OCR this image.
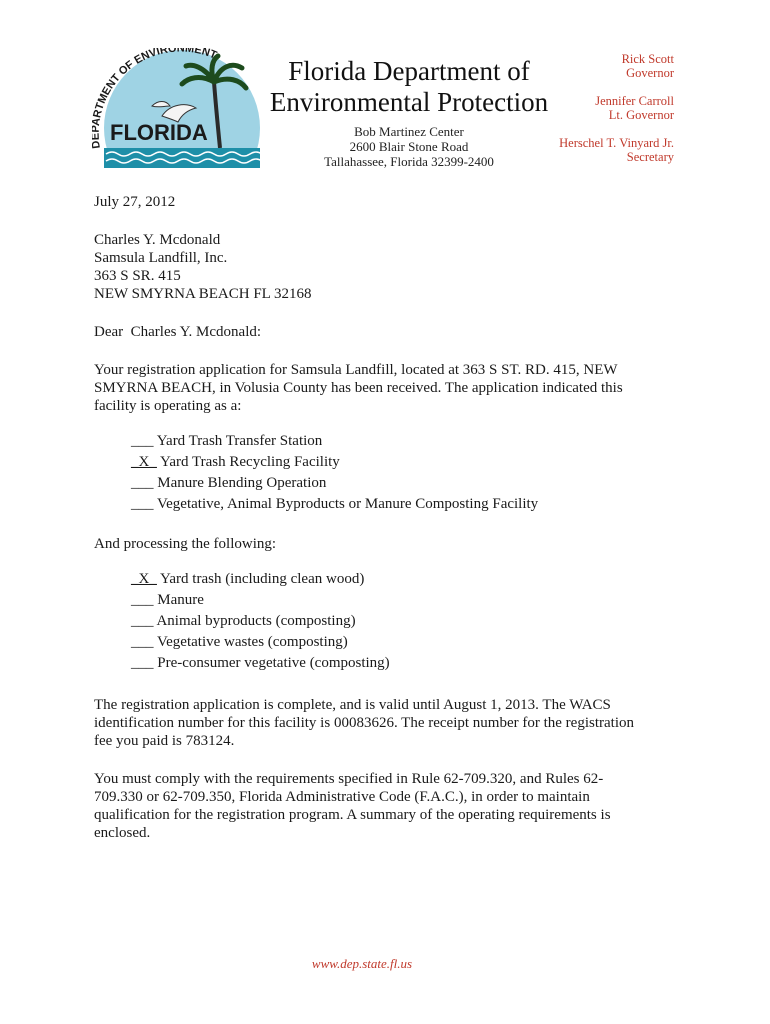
RTMENT OF ENVIRONMENT
FLORIDA
Florida Department of
Environmental Protection
Bob Martinez Center
2600 Blair Stone Road
Tallahassee, Florida 32399-2400
Rick Scott
Governor
Jennifer Carroll
Lt. Governor
Herschel T. Vinyard Jr.
Secretary

July 27, 2012

Charles Y. Mcdonald
Samsula Landfill, Inc.
363 S SR. 415
NEW SMYRNA BEACH FL 32168

Dear  Charles Y. Mcdonald:

Your registration application for Samsula Landfill, located at 363 S ST. RD. 415, NEW SMYRNA BEACH, in Volusia County has been received. The application indicated this facility is operating as a:

___ Yard Trash Transfer Station
_X_ Yard Trash Recycling Facility
___ Manure Blending Operation
___ Vegetative, Animal Byproducts or Manure Composting Facility

And processing the following:

_X_ Yard trash (including clean wood)
___ Manure
___ Animal byproducts (composting)
___ Vegetative wastes (composting)
___ Pre-consumer vegetative (composting)

The registration application is complete, and is valid until August 1, 2013. The WACS identification number for this facility is 00083626. The receipt number for the registration fee you paid is 783124.

You must comply with the requirements specified in Rule 62-709.320, and Rules 62-709.330 or 62-709.350, Florida Administrative Code (F.A.C.), in order to maintain qualification for the registration program. A summary of the operating requirements is enclosed.

www.dep.state.fl.us
